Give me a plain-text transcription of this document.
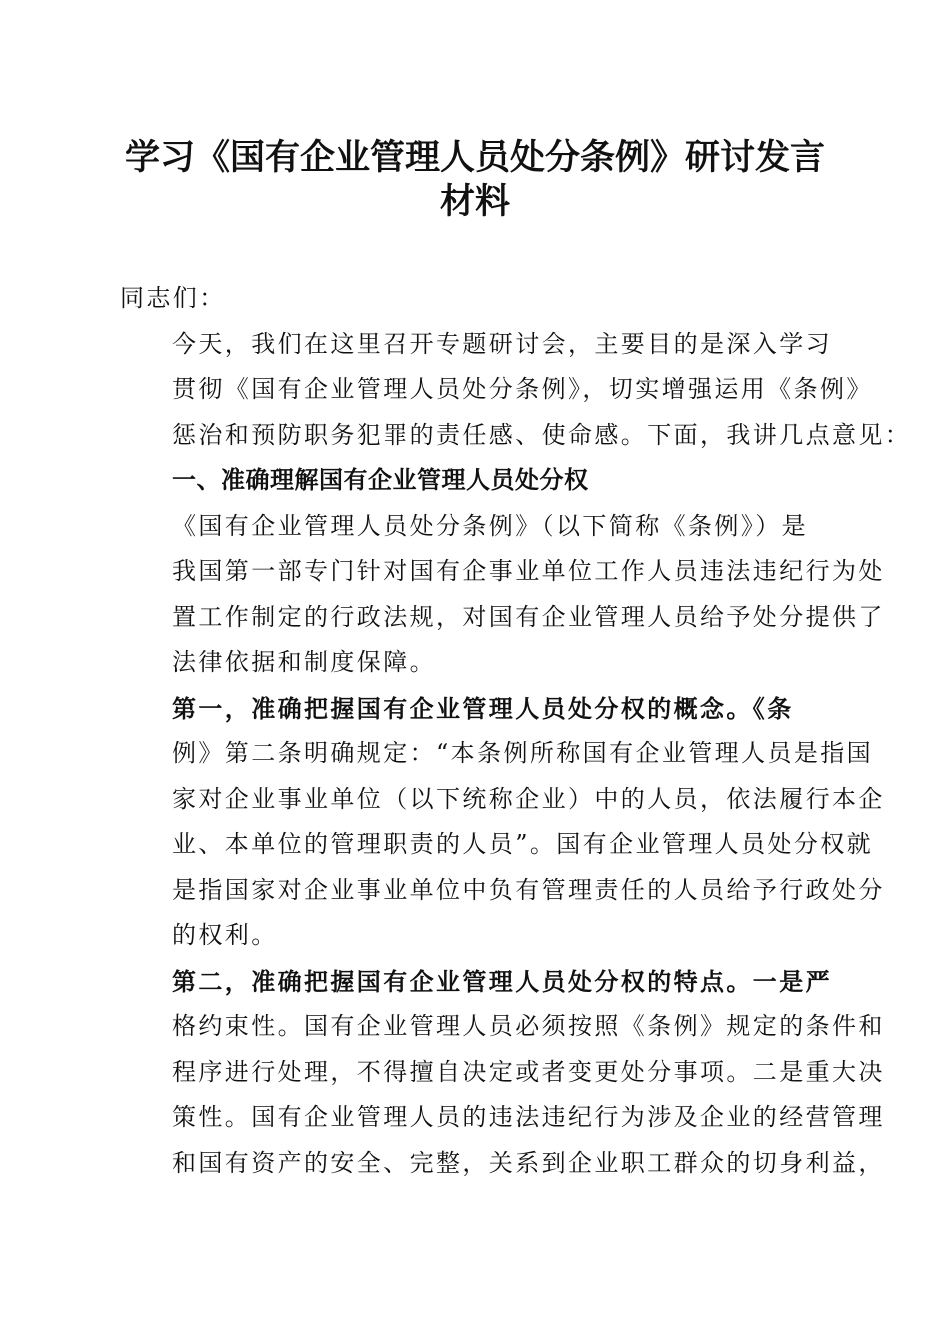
学习《国有企业管理人员处分条例》研讨发言
材料

同志们：

今天，我们在这里召开专题研讨会，主要目的是深入学习
贯彻《国有企业管理人员处分条例》，切实增强运用《条例》
惩治和预防职务犯罪的责任感、使命感。下面，我讲几点意见：

一、准确理解国有企业管理人员处分权

《国有企业管理人员处分条例》（以下简称《条例》）是
我国第一部专门针对国有企事业单位工作人员违法违纪行为处
置工作制定的行政法规，对国有企业管理人员给予处分提供了
法律依据和制度保障。

第一，准确把握国有企业管理人员处分权的概念。《条
例》第二条明确规定：“本条例所称国有企业管理人员是指国
家对企业事业单位（以下统称企业）中的人员，依法履行本企
业、本单位的管理职责的人员”。国有企业管理人员处分权就
是指国家对企业事业单位中负有管理责任的人员给予行政处分
的权利。

第二，准确把握国有企业管理人员处分权的特点。一是严
格约束性。国有企业管理人员必须按照《条例》规定的条件和
程序进行处理，不得擅自决定或者变更处分事项。二是重大决
策性。国有企业管理人员的违法违纪行为涉及企业的经营管理
和国有资产的安全、完整，关系到企业职工群众的切身利益，
